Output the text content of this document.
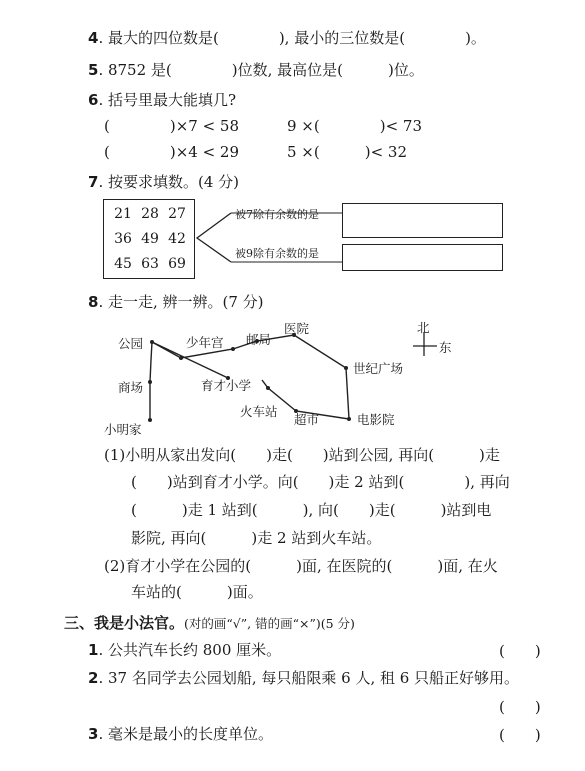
4. 最大的四位数是(　　　　), 最小的三位数是(　　　　)。
5. 8752 是(　　　　)位数, 最高位是(　　　)位。
6. 括号里最大能填几?
(　　　　)×7 < 58	9 ×(　　　　)< 73
(　　　　)×4 < 29	5 ×(　　　)< 32
7. 按要求填数。(4 分)
21 28 27
36 49 42
45 63 69
被7除有余数的是
被9除有余数的是
8. 走一走, 辨一辨。(7 分)
公园	少年宫 邮局
医院
世纪广场
商场	育才小学
火车站
超市	电影院
小明家
北
东
(1)小明从家出发向(　　)走(　　)站到公园, 再向(　　　)走
(　　)站到育才小学。向(　　)走 2 站到(　　　　), 再向
(　　　)走 1 站到(　　　), 向(　　)走(　　　)站到电
影院, 再向(　　　)走 2 站到火车站。
(2)育才小学在公园的(　　　)面, 在医院的(　　　)面, 在火
车站的(　　　)面。
三、我是小法官。(对的画“√”, 错的画“×”)(5 分)
1. 公共汽车长约 800 厘米。	(　　)
2. 37 名同学去公园划船, 每只船限乘 6 人, 租 6 只船正好够用。
(　　)
3. 毫米是最小的长度单位。	(　　)
